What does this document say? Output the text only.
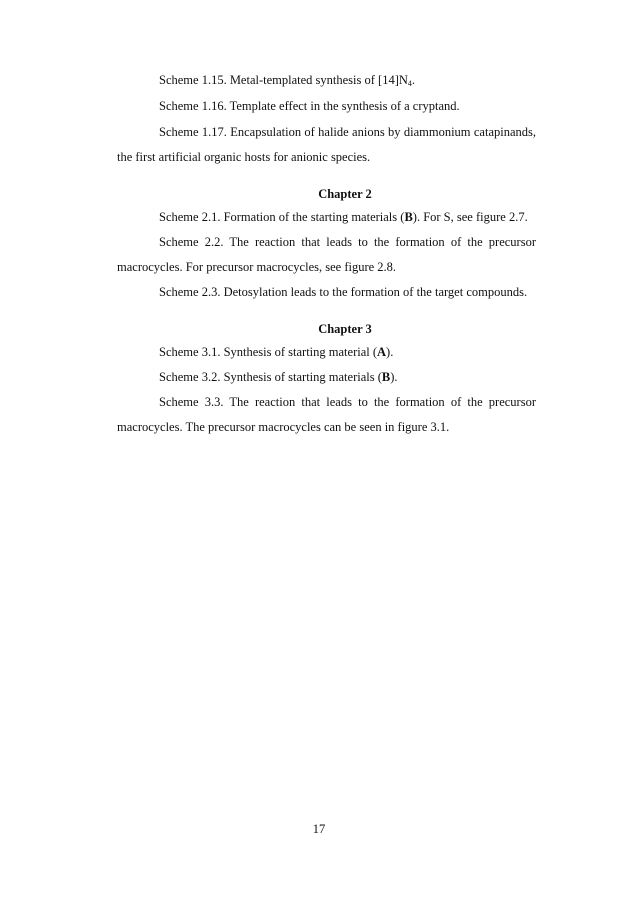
Scheme 1.15. Metal-templated synthesis of $[14]N_4$.
Scheme 1.16. Template effect in the synthesis of a cryptand.
Scheme 1.17. Encapsulation of halide anions by diammonium catapinands,
the first artificial organic hosts for anionic species.
Chapter 2
Scheme 2.1. Formation of the starting materials (B). For S, see figure 2.7.
Scheme 2.2. The reaction that leads to the formation of the precursor
macrocycles. For precursor macrocycles, see figure 2.8.
Scheme 2.3. Detosylation leads to the formation of the target compounds.
Chapter 3
Scheme 3.1. Synthesis of starting material (A).
Scheme 3.2. Synthesis of starting materials (B).
Scheme 3.3. The reaction that leads to the formation of the precursor
macrocycles. The precursor macrocycles can be seen in figure 3.1.
17
